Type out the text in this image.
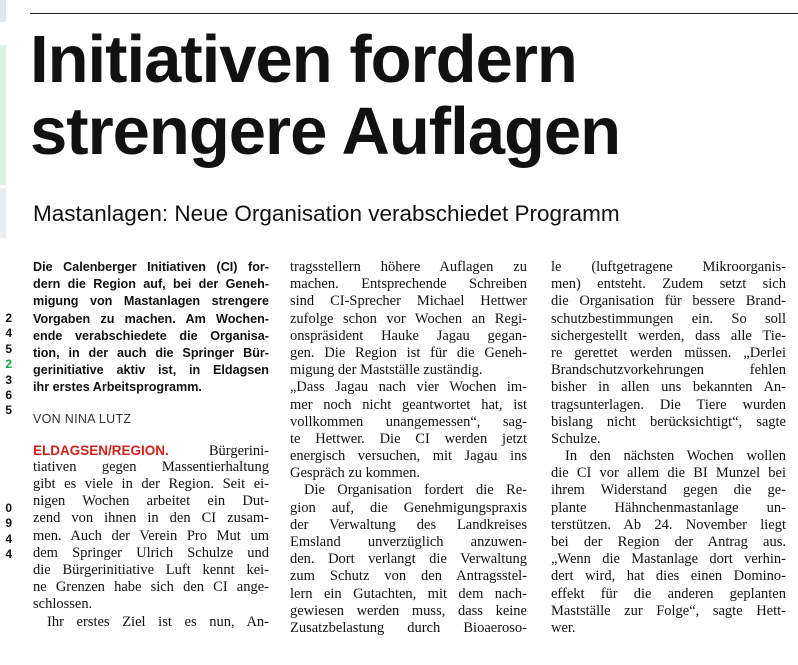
2
4
5
2
3
6
5
0
9
4
4
Initiativen fordern
strengere Auflagen
Mastanlagen: Neue Organisation verabschiedet Programm
Die Calenberger Initiativen (CI) for-
dern die Region auf, bei der Geneh-
migung von Mastanlagen strengere
Vorgaben zu machen. Am Wochen-
ende verabschiedete die Organisa-
tion, in der auch die Springer Bür-
gerinitiative aktiv ist, in Eldagsen
ihr erstes Arbeitsprogramm.
VON NINA LUTZ
ELDAGSEN/REGION.	Bürgerini-
tiativen gegen Massentierhaltung
gibt es viele in der Region. Seit ei-
nigen Wochen arbeitet ein Dut-
zend von ihnen in den CI zusam-
men. Auch der Verein Pro Mut um
dem Springer Ulrich Schulze und
die Bürgerinitiative Luft kennt kei-
ne Grenzen habe sich den CI ange-
schlossen.
Ihr erstes Ziel ist es nun, An-
tragsstellern höhere Auflagen zu
machen. Entsprechende Schreiben
sind CI-Sprecher Michael Hettwer
zufolge schon vor Wochen an Regi-
onspräsident Hauke Jagau gegan-
gen. Die Region ist für die Geneh-
migung der Mastställe zuständig.
„Dass Jagau nach vier Wochen im-
mer noch nicht geantwortet hat, ist
vollkommen unangemessen“, sag-
te Hettwer. Die CI werden jetzt
energisch versuchen, mit Jagau ins
Gespräch zu kommen.
Die Organisation fordert die Re-
gion auf, die Genehmigungspraxis
der Verwaltung des Landkreises
Emsland unverzüglich anzuwen-
den. Dort verlangt die Verwaltung
zum Schutz von den Antragsstel-
lern ein Gutachten, mit dem nach-
gewiesen werden muss, dass keine
Zusatzbelastung durch Bioaeroso-
le (luftgetragene Mikroorganis-
men) entsteht. Zudem setzt sich
die Organisation für bessere Brand-
schutzbestimmungen ein. So soll
sichergestellt werden, dass alle Tie-
re gerettet werden müssen. „Derlei
Brandschutzvorkehrungen fehlen
bisher in allen uns bekannten An-
tragsunterlagen. Die Tiere wurden
bislang nicht berücksichtigt“, sagte
Schulze.
In den nächsten Wochen wollen
die CI vor allem die BI Munzel bei
ihrem Widerstand gegen die ge-
plante Hähnchenmastanlage un-
terstützen. Ab 24. November liegt
bei der Region der Antrag aus.
„Wenn die Mastanlage dort verhin-
dert wird, hat dies einen Domino-
effekt für die anderen geplanten
Mastställe zur Folge“, sagte Hett-
wer.
